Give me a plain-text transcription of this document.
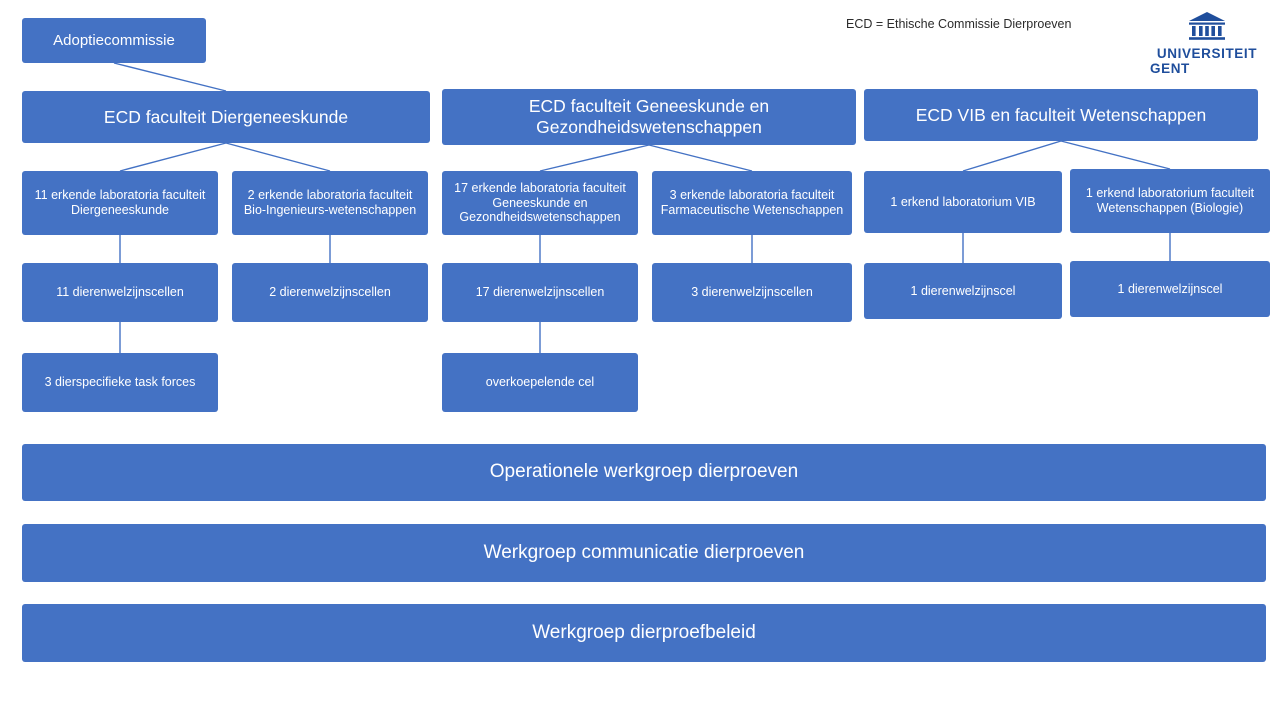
Adoptiecommissie
ECD faculteit Diergeneeskunde
ECD faculteit Geneeskunde en Gezondheidswetenschappen
ECD VIB en faculteit Wetenschappen
11 erkende laboratoria faculteit Diergeneeskunde
2 erkende laboratoria faculteit Bio-Ingenieurs-wetenschappen
17 erkende laboratoria faculteit Geneeskunde en Gezondheidswetenschappen
3 erkende laboratoria faculteit Farmaceutische Wetenschappen
1 erkend laboratorium VIB
1 erkend laboratorium faculteit Wetenschappen (Biologie)
11 dierenwelzijnscellen	2 dierenwelzijnscellen	17 dierenwelzijnscellen	3 dierenwelzijnscellen	1 dierenwelzijnscel	1 dierenwelzijnscel
3 dierspecifieke task forces	overkoepelende cel
Operationele werkgroep dierproeven
Werkgroep communicatie dierproeven
Werkgroep dierproefbeleid
ECD = Ethische Commissie Dierproeven
UNIVERSITEIT
GENT
